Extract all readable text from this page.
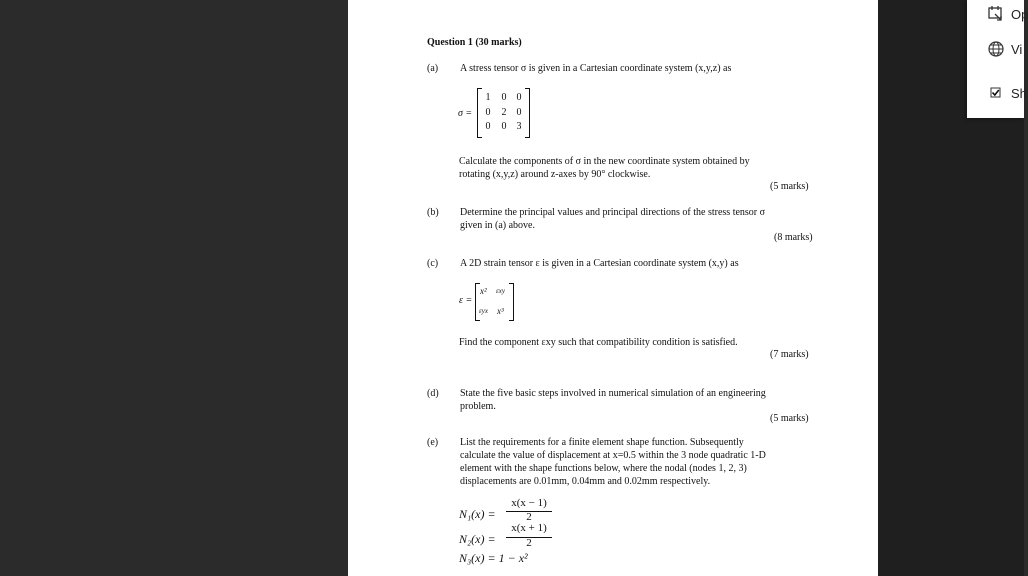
Op
Vi
Sh
Question 1 (30 marks)
(a) A stress tensor σ is given in a Cartesian coordinate system (x,y,z) as
σ =
1	0	0
0	2	0
0	0	3
Calculate the components of σ in the new coordinate system obtained by
rotating (x,y,z) around z-axes by 90° clockwise.
(5 marks)
(b) Determine the principal values and principal directions of the stress tensor σ
given in (a) above.
(8 marks)
(c) A 2D strain tensor ε is given in a Cartesian coordinate system (x,y) as
ε =
x² εxy
εyx x³
Find the component εxy such that compatibility condition is satisfied.
(7 marks)
(d) State the five basic steps involved in numerical simulation of an engineering
problem.
(5 marks)
(e) List the requirements for a finite element shape function. Subsequently
calculate the value of displacement at x=0.5 within the 3 node quadratic 1-D
element with the shape functions below, where the nodal (nodes 1, 2, 3)
displacements are 0.01mm, 0.04mm and 0.02mm respectively.
N₁(x) =
x(x − 1)
2
N₂(x) =
x(x + 1)
2
N₃(x) = 1 − x²
